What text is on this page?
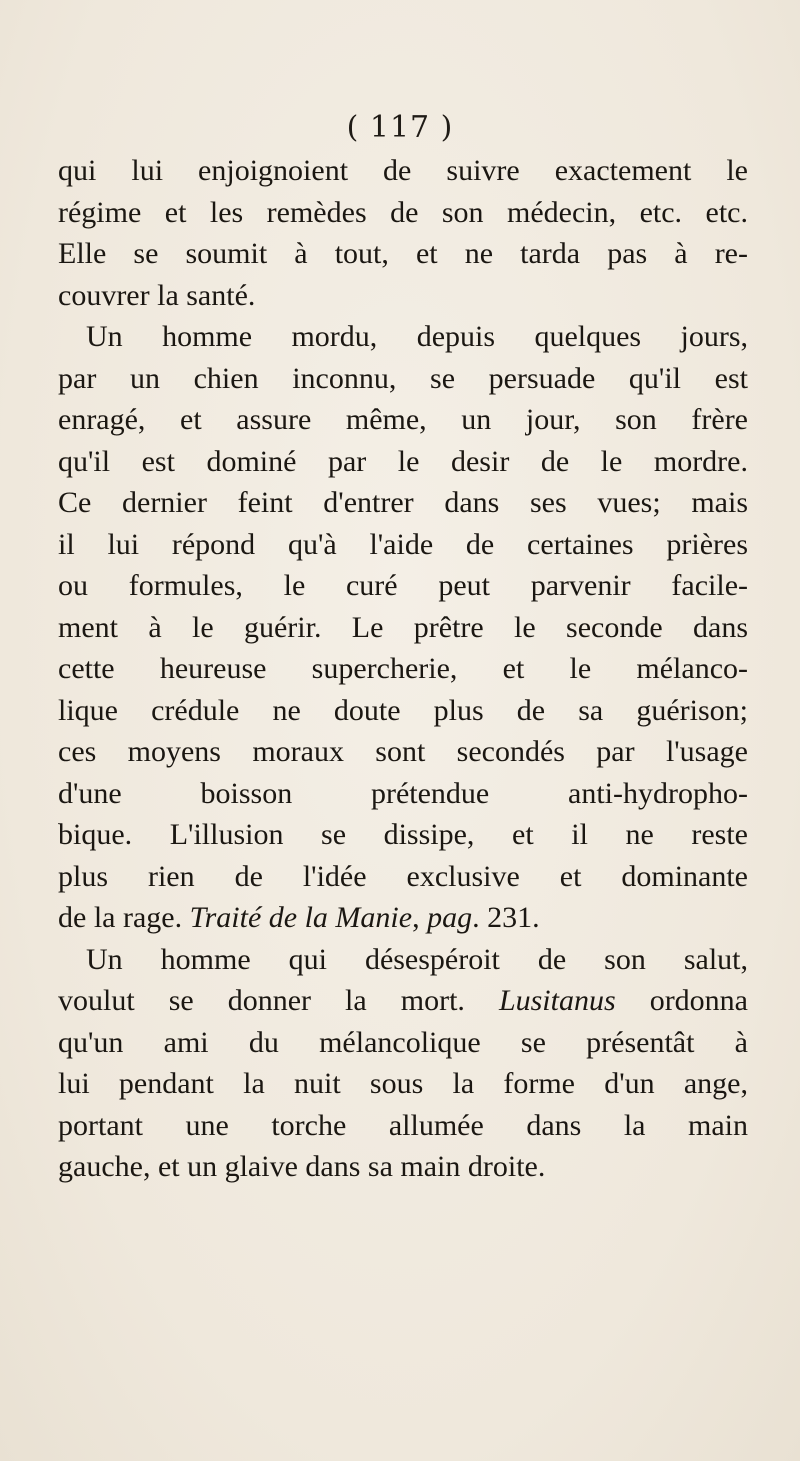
( 117 )
qui lui enjoignoient de suivre exactement le
régime et les remèdes de son médecin, etc. etc.
Elle se soumit à tout, et ne tarda pas à re-
couvrer la santé.
Un homme mordu, depuis quelques jours,
par un chien inconnu, se persuade qu'il est
enragé, et assure même, un jour, son frère
qu'il est dominé par le desir de le mordre.
Ce dernier feint d'entrer dans ses vues; mais
il lui répond qu'à l'aide de certaines prières
ou formules, le curé peut parvenir facile-
ment à le guérir. Le prêtre le seconde dans
cette heureuse supercherie, et le mélanco-
lique crédule ne doute plus de sa guérison;
ces moyens moraux sont secondés par l'usage
d'une boisson prétendue anti-hydropho-
bique. L'illusion se dissipe, et il ne reste
plus rien de l'idée exclusive et dominante
de la rage. Traité de la Manie, pag. 231.
Un homme qui désespéroit de son salut,
voulut se donner la mort. Lusitanus ordonna
qu'un ami du mélancolique se présentât à
lui pendant la nuit sous la forme d'un ange,
portant une torche allumée dans la main
gauche, et un glaive dans sa main droite.
